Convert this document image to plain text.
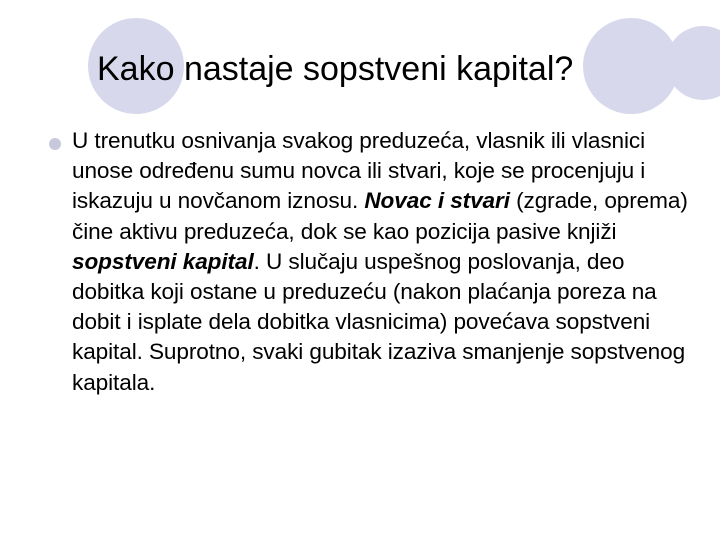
Kako nastaje sopstveni kapital?

U trenutku osnivanja svakog preduzeća, vlasnik ili vlasnici unose određenu sumu novca ili stvari, koje se procenjuju i iskazuju u novčanom iznosu. Novac i stvari (zgrade, oprema) čine aktivu preduzeća, dok se kao pozicija pasive knjiži sopstveni kapital. U slučaju uspešnog poslovanja, deo dobitka koji ostane u preduzeću (nakon plaćanja poreza na dobit i isplate dela dobitka vlasnicima) povećava sopstveni kapital. Suprotno, svaki gubitak izaziva smanjenje sopstvenog kapitala.
